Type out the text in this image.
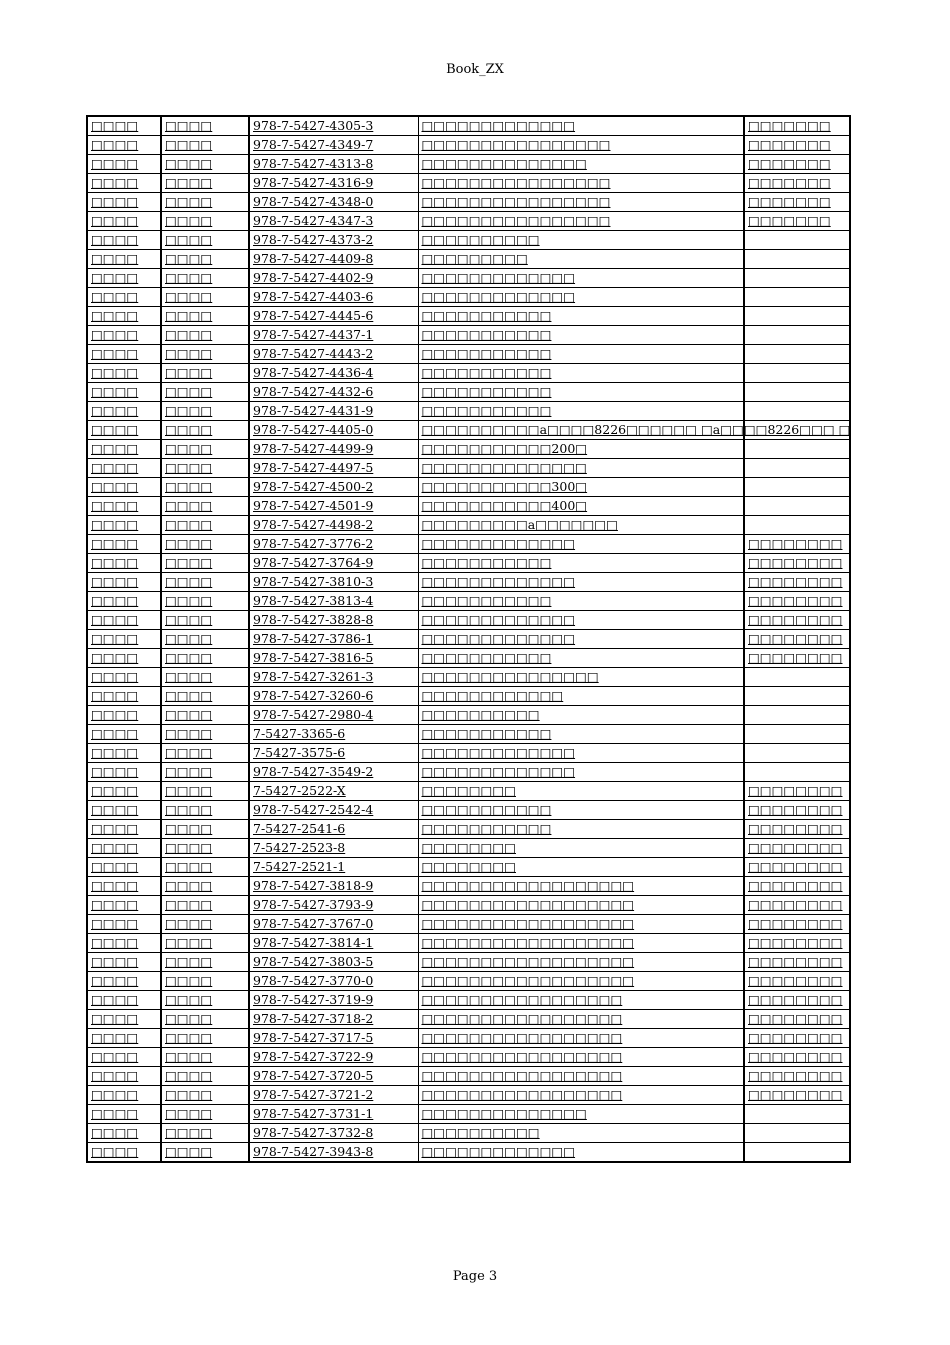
Book_ZX
□□□□	□□□□	978-7-5427-4305-3	□□□□□□□□□□□□□	□□□□□□□
□□□□	□□□□	978-7-5427-4349-7	□□□□□□□□□□□□□□□□	□□□□□□□
□□□□	□□□□	978-7-5427-4313-8	□□□□□□□□□□□□□□	□□□□□□□
□□□□	□□□□	978-7-5427-4316-9	□□□□□□□□□□□□□□□□	□□□□□□□
□□□□	□□□□	978-7-5427-4348-0	□□□□□□□□□□□□□□□□	□□□□□□□
□□□□	□□□□	978-7-5427-4347-3	□□□□□□□□□□□□□□□□	□□□□□□□
□□□□	□□□□	978-7-5427-4373-2	□□□□□□□□□□	
□□□□	□□□□	978-7-5427-4409-8	□□□□□□□□□	
□□□□	□□□□	978-7-5427-4402-9	□□□□□□□□□□□□□	
□□□□	□□□□	978-7-5427-4403-6	□□□□□□□□□□□□□	
□□□□	□□□□	978-7-5427-4445-6	□□□□□□□□□□□	
□□□□	□□□□	978-7-5427-4437-1	□□□□□□□□□□□	
□□□□	□□□□	978-7-5427-4443-2	□□□□□□□□□□□	
□□□□	□□□□	978-7-5427-4436-4	□□□□□□□□□□□	
□□□□	□□□□	978-7-5427-4432-6	□□□□□□□□□□□	
□□□□	□□□□	978-7-5427-4431-9	□□□□□□□□□□□	
□□□□	□□□□	978-7-5427-4405-0	□□□□□□□□□□a□□□□8226□□□□□□ □a□□□□8226□□□ □	
□□□□	□□□□	978-7-5427-4499-9	□□□□□□□□□□□200□	
□□□□	□□□□	978-7-5427-4497-5	□□□□□□□□□□□□□□	
□□□□	□□□□	978-7-5427-4500-2	□□□□□□□□□□□300□	
□□□□	□□□□	978-7-5427-4501-9	□□□□□□□□□□□400□	
□□□□	□□□□	978-7-5427-4498-2	□□□□□□□□□a□□□□□□□	
□□□□	□□□□	978-7-5427-3776-2	□□□□□□□□□□□□□	□□□□□□□□
□□□□	□□□□	978-7-5427-3764-9	□□□□□□□□□□□	□□□□□□□□
□□□□	□□□□	978-7-5427-3810-3	□□□□□□□□□□□□□	□□□□□□□□
□□□□	□□□□	978-7-5427-3813-4	□□□□□□□□□□□	□□□□□□□□
□□□□	□□□□	978-7-5427-3828-8	□□□□□□□□□□□□□	□□□□□□□□
□□□□	□□□□	978-7-5427-3786-1	□□□□□□□□□□□□□	□□□□□□□□
□□□□	□□□□	978-7-5427-3816-5	□□□□□□□□□□□	□□□□□□□□
□□□□	□□□□	978-7-5427-3261-3	□□□□□□□□□□□□□□□	
□□□□	□□□□	978-7-5427-3260-6	□□□□□□□□□□□□	
□□□□	□□□□	978-7-5427-2980-4	□□□□□□□□□□	
□□□□	□□□□	7-5427-3365-6	□□□□□□□□□□□	
□□□□	□□□□	7-5427-3575-6	□□□□□□□□□□□□□	
□□□□	□□□□	978-7-5427-3549-2	□□□□□□□□□□□□□	
□□□□	□□□□	7-5427-2522-X	□□□□□□□□	□□□□□□□□
□□□□	□□□□	978-7-5427-2542-4	□□□□□□□□□□□	□□□□□□□□
□□□□	□□□□	7-5427-2541-6	□□□□□□□□□□□	□□□□□□□□
□□□□	□□□□	7-5427-2523-8	□□□□□□□□	□□□□□□□□
□□□□	□□□□	7-5427-2521-1	□□□□□□□□	□□□□□□□□
□□□□	□□□□	978-7-5427-3818-9	□□□□□□□□□□□□□□□□□□	□□□□□□□□
□□□□	□□□□	978-7-5427-3793-9	□□□□□□□□□□□□□□□□□□	□□□□□□□□
□□□□	□□□□	978-7-5427-3767-0	□□□□□□□□□□□□□□□□□□	□□□□□□□□
□□□□	□□□□	978-7-5427-3814-1	□□□□□□□□□□□□□□□□□□	□□□□□□□□
□□□□	□□□□	978-7-5427-3803-5	□□□□□□□□□□□□□□□□□□	□□□□□□□□
□□□□	□□□□	978-7-5427-3770-0	□□□□□□□□□□□□□□□□□□	□□□□□□□□
□□□□	□□□□	978-7-5427-3719-9	□□□□□□□□□□□□□□□□□	□□□□□□□□
□□□□	□□□□	978-7-5427-3718-2	□□□□□□□□□□□□□□□□□	□□□□□□□□
□□□□	□□□□	978-7-5427-3717-5	□□□□□□□□□□□□□□□□□	□□□□□□□□
□□□□	□□□□	978-7-5427-3722-9	□□□□□□□□□□□□□□□□□	□□□□□□□□
□□□□	□□□□	978-7-5427-3720-5	□□□□□□□□□□□□□□□□□	□□□□□□□□
□□□□	□□□□	978-7-5427-3721-2	□□□□□□□□□□□□□□□□□	□□□□□□□□
□□□□	□□□□	978-7-5427-3731-1	□□□□□□□□□□□□□□	
□□□□	□□□□	978-7-5427-3732-8	□□□□□□□□□□	
□□□□	□□□□	978-7-5427-3943-8	□□□□□□□□□□□□□	
Page 3
